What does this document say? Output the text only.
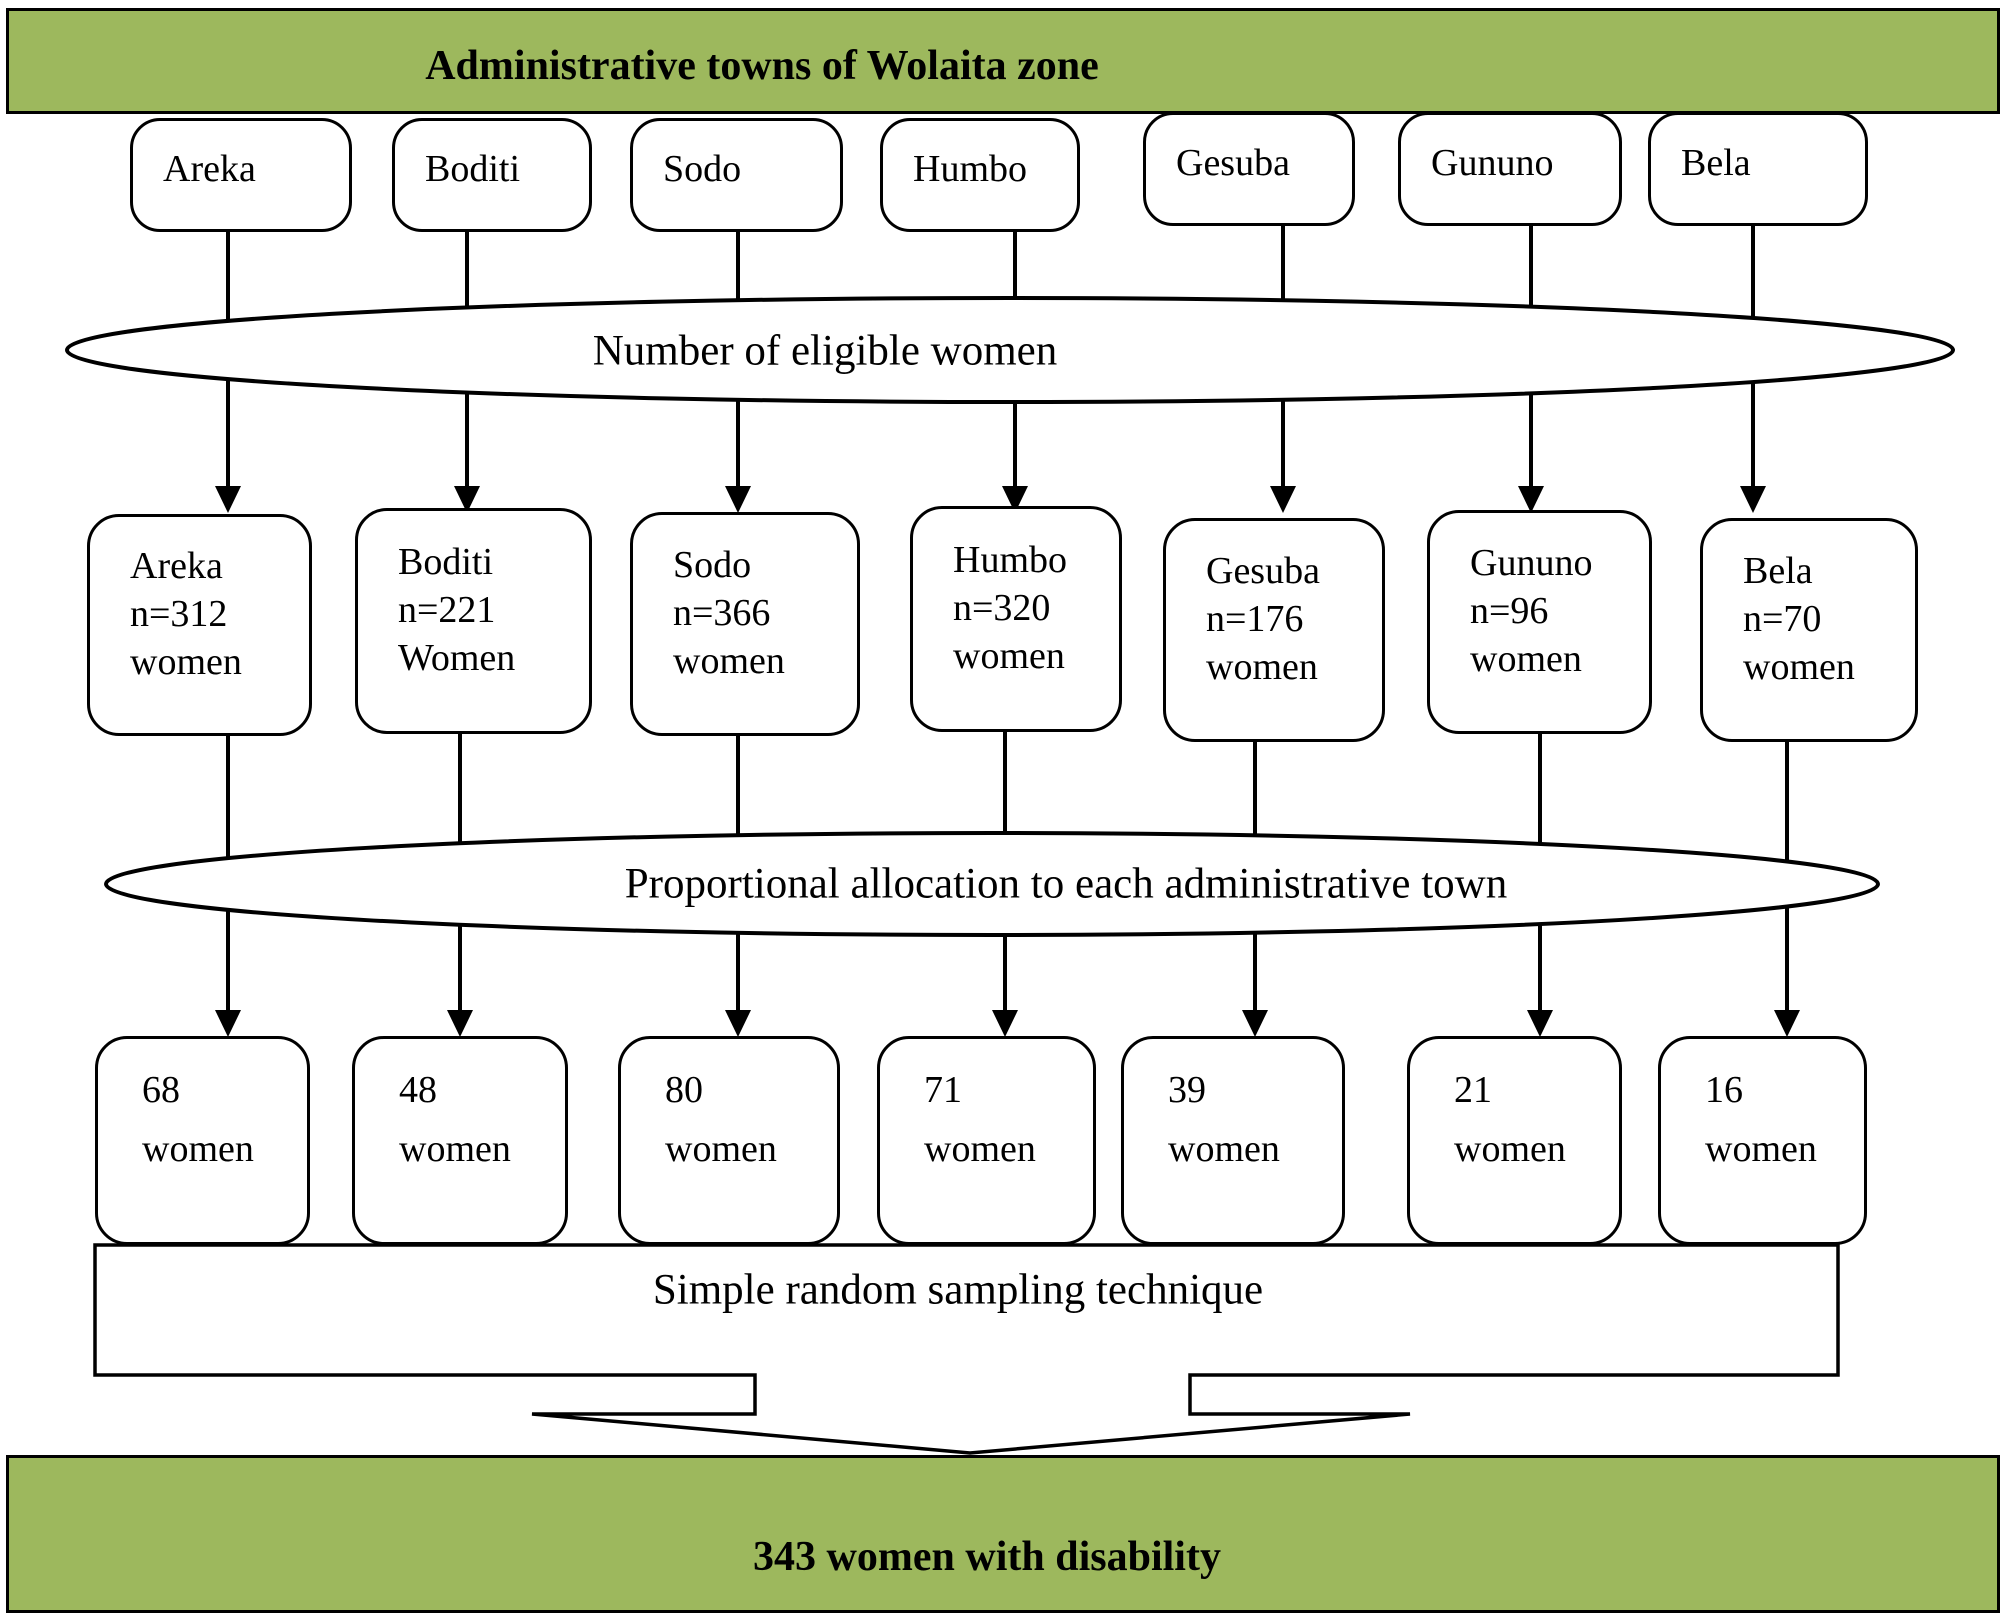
Administrative towns of Wolaita zone
Areka	Boditi	Sodo	Humbo	Gesuba	Gununo	Bela
Number of eligible women
Areka
n=312
women
Boditi
n=221
Women
Sodo
n=366
women
Humbo
n=320
women
Gesuba
n=176
women
Gununo
n=96
women
Bela
n=70
women
Proportional allocation to each administrative town
68
women
48
women
80
women
71
women
39
women
21
women
16
women
Simple random sampling technique
343 women with disability
